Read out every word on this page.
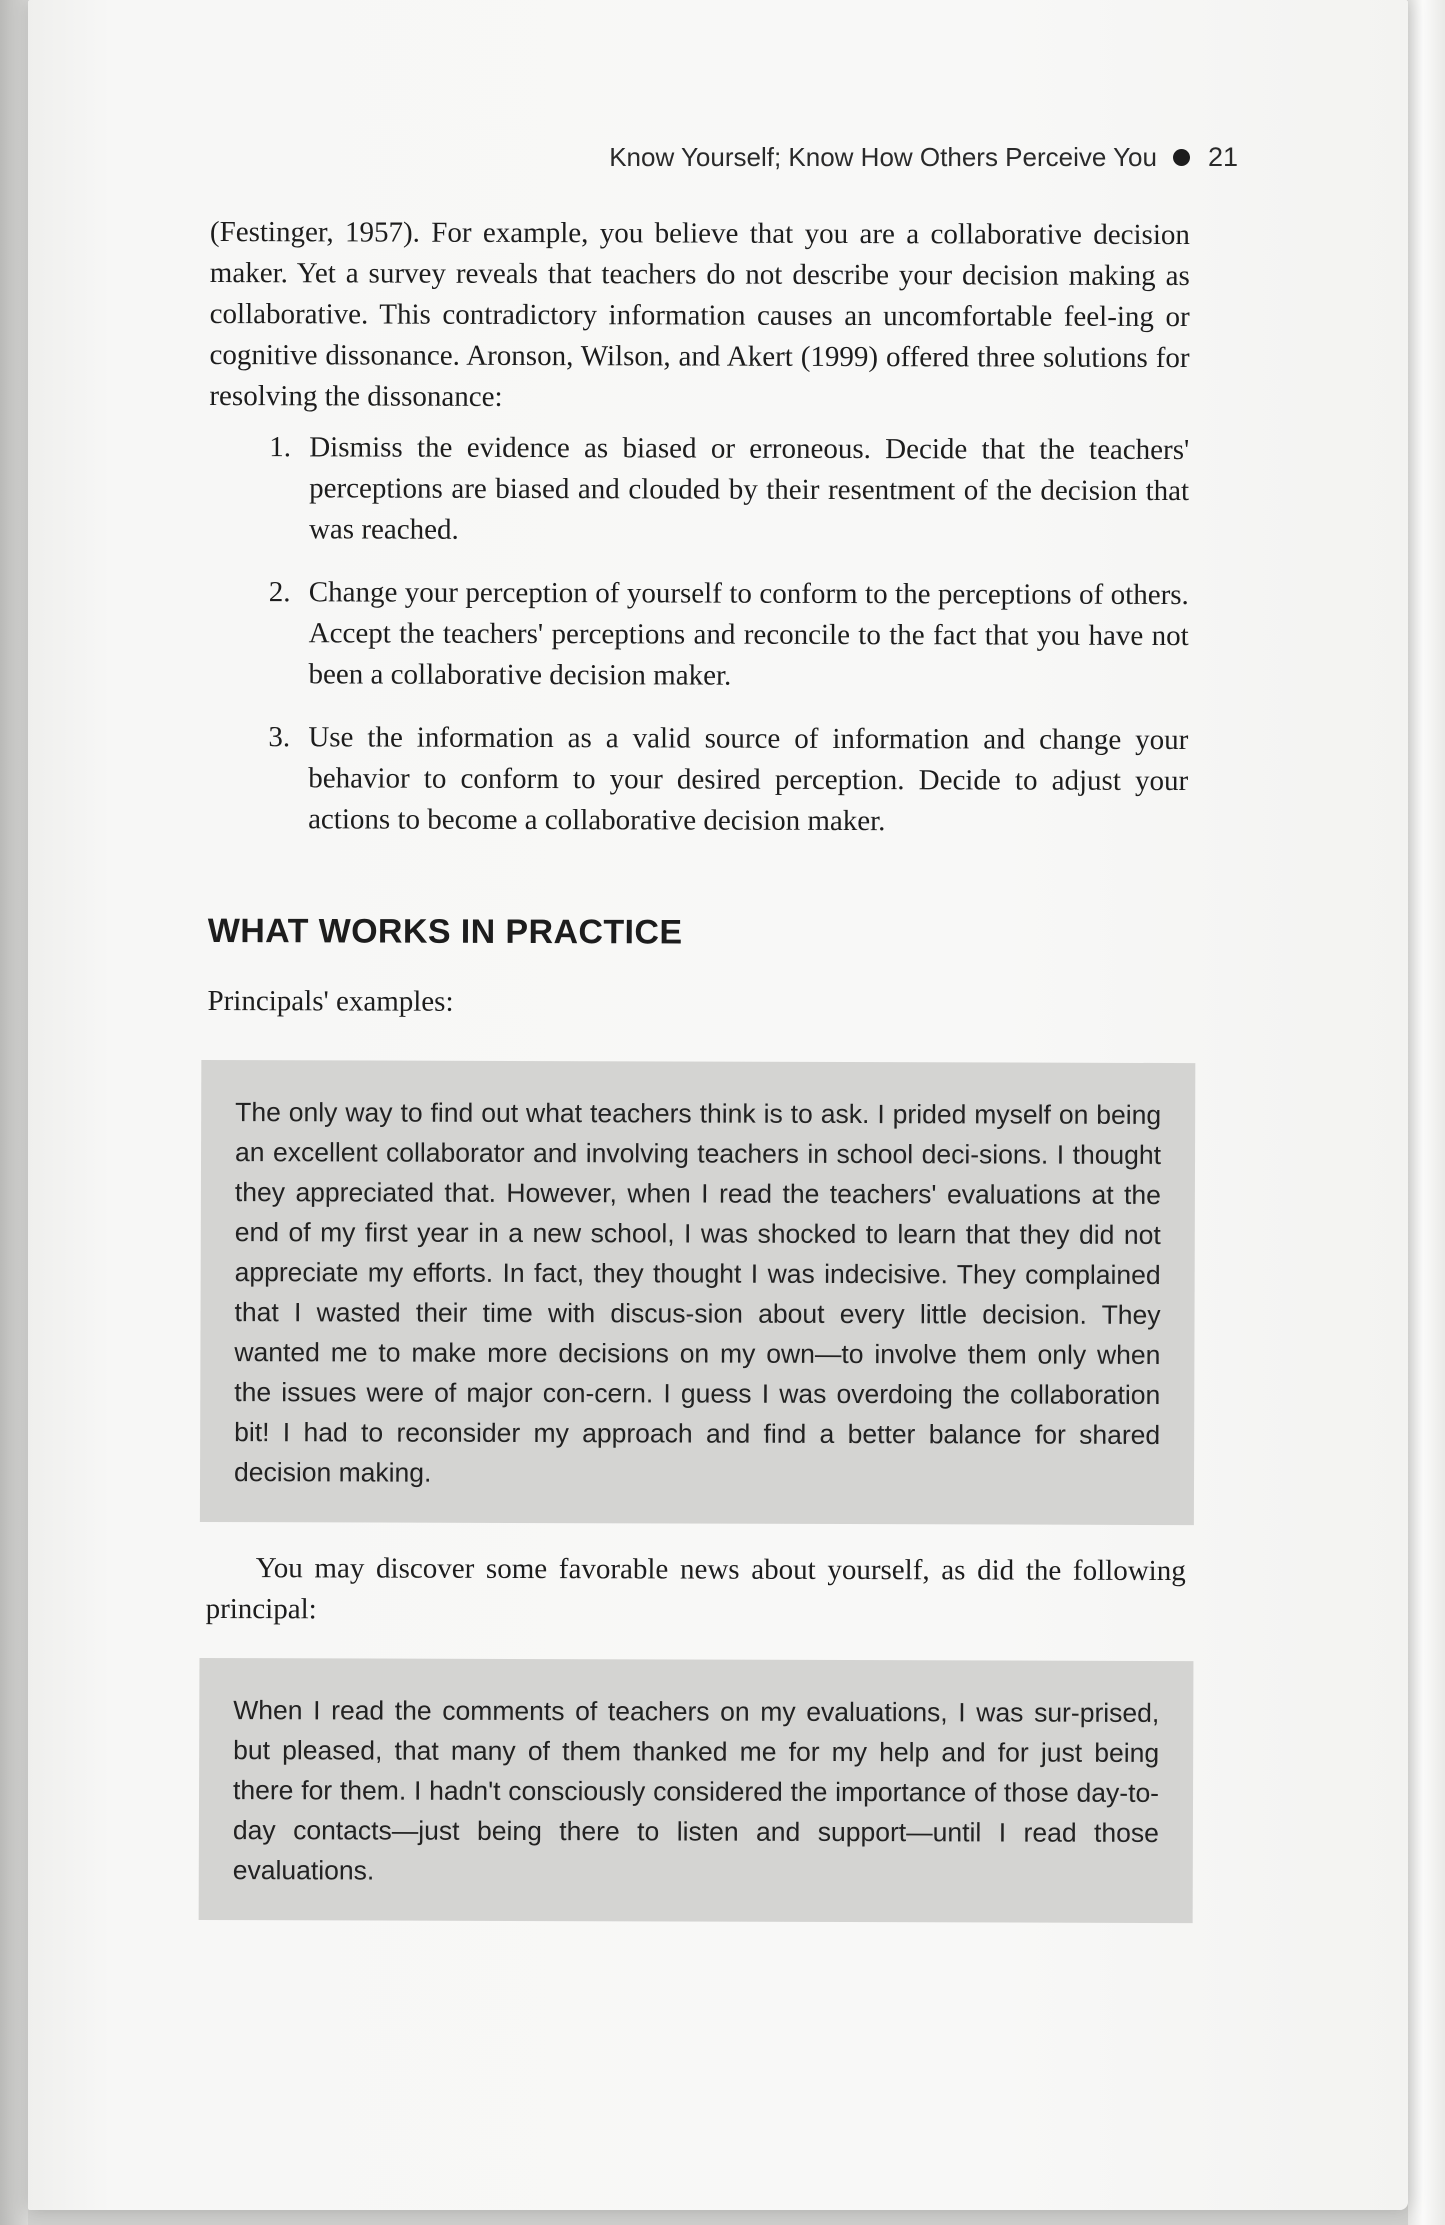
Know Yourself; Know How Others Perceive You 21

(Festinger, 1957). For example, you believe that you are a collaborative decision maker. Yet a survey reveals that teachers do not describe your decision making as collaborative. This contradictory information causes an uncomfortable feel-ing or cognitive dissonance. Aronson, Wilson, and Akert (1999) offered three solutions for resolving the dissonance:

1. Dismiss the evidence as biased or erroneous. Decide that the teachers' perceptions are biased and clouded by their resentment of the decision that was reached.
2. Change your perception of yourself to conform to the perceptions of others. Accept the teachers' perceptions and reconcile to the fact that you have not been a collaborative decision maker.
3. Use the information as a valid source of information and change your behavior to conform to your desired perception. Decide to adjust your actions to become a collaborative decision maker.
WHAT WORKS IN PRACTICE

Principals' examples:

The only way to find out what teachers think is to ask. I prided myself on being an excellent collaborator and involving teachers in school deci-sions. I thought they appreciated that. However, when I read the teachers' evaluations at the end of my first year in a new school, I was shocked to learn that they did not appreciate my efforts. In fact, they thought I was indecisive. They complained that I wasted their time with discus-sion about every little decision. They wanted me to make more decisions on my own—to involve them only when the issues were of major con-cern. I guess I was overdoing the collaboration bit! I had to reconsider my approach and find a better balance for shared decision making.

You may discover some favorable news about yourself, as did the following principal:

When I read the comments of teachers on my evaluations, I was sur-prised, but pleased, that many of them thanked me for my help and for just being there for them. I hadn't consciously considered the importance of those day-to-day contacts—just being there to listen and support—until I read those evaluations.
